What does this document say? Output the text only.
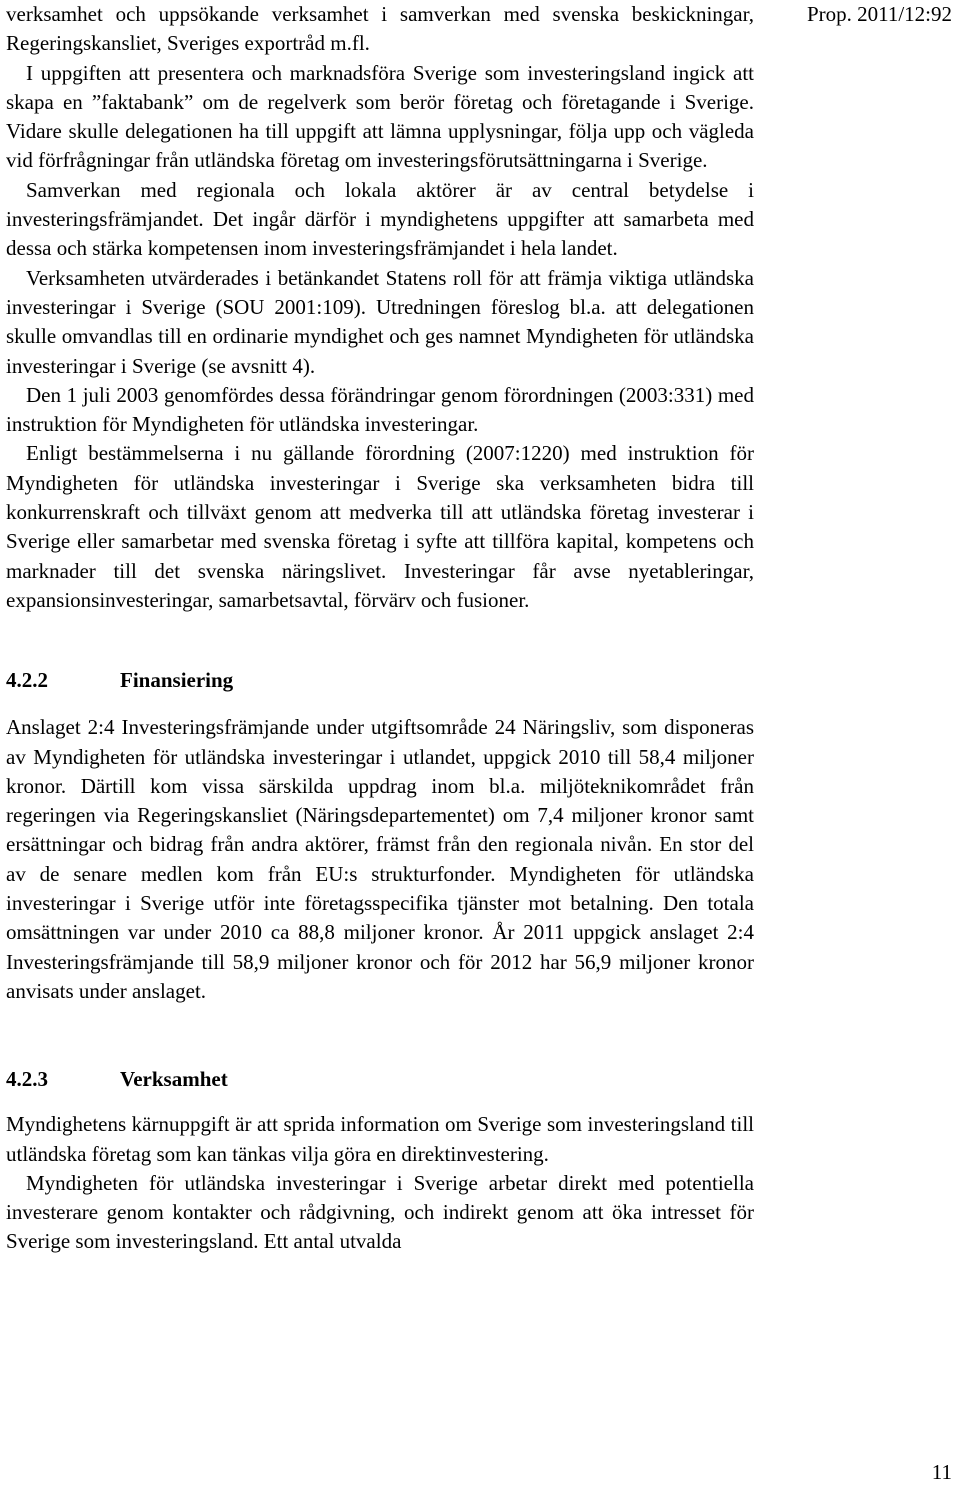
Prop. 2011/12:92

verksamhet och uppsökande verksamhet i samverkan med svenska beskickningar, Regeringskansliet, Sveriges exportråd m.fl.

I uppgiften att presentera och marknadsföra Sverige som investeringsland ingick att skapa en ”faktabank” om de regelverk som berör företag och företagande i Sverige. Vidare skulle delegationen ha till uppgift att lämna upplysningar, följa upp och vägleda vid förfrågningar från utländska företag om investeringsförutsättningarna i Sverige.

Samverkan med regionala och lokala aktörer är av central betydelse i investeringsfrämjandet. Det ingår därför i myndighetens uppgifter att samarbeta med dessa och stärka kompetensen inom investeringsfrämjandet i hela landet.

Verksamheten utvärderades i betänkandet Statens roll för att främja viktiga utländska investeringar i Sverige (SOU 2001:109). Utredningen föreslog bl.a. att delegationen skulle omvandlas till en ordinarie myndighet och ges namnet Myndigheten för utländska investeringar i Sverige (se avsnitt 4).

Den 1 juli 2003 genomfördes dessa förändringar genom förordningen (2003:331) med instruktion för Myndigheten för utländska investeringar.

Enligt bestämmelserna i nu gällande förordning (2007:1220) med instruktion för Myndigheten för utländska investeringar i Sverige ska verksamheten bidra till konkurrenskraft och tillväxt genom att medverka till att utländska företag investerar i Sverige eller samarbetar med svenska företag i syfte att tillföra kapital, kompetens och marknader till det svenska näringslivet. Investeringar får avse nyetableringar, expansionsinvesteringar, samarbetsavtal, förvärv och fusioner.

4.2.2	Finansiering

Anslaget 2:4 Investeringsfrämjande under utgiftsområde 24 Näringsliv, som disponeras av Myndigheten för utländska investeringar i utlandet, uppgick 2010 till 58,4 miljoner kronor. Därtill kom vissa särskilda uppdrag inom bl.a. miljöteknikområdet från regeringen via Regeringskansliet (Näringsdepartementet) om 7,4 miljoner kronor samt ersättningar och bidrag från andra aktörer, främst från den regionala nivån. En stor del av de senare medlen kom från EU:s strukturfonder. Myndigheten för utländska investeringar i Sverige utför inte företagsspecifika tjänster mot betalning. Den totala omsättningen var under 2010 ca 88,8 miljoner kronor. År 2011 uppgick anslaget 2:4 Investeringsfrämjande till 58,9 miljoner kronor och för 2012 har 56,9 miljoner kronor anvisats under anslaget.

4.2.3	Verksamhet

Myndighetens kärnuppgift är att sprida information om Sverige som investeringsland till utländska företag som kan tänkas vilja göra en direktinvestering.

Myndigheten för utländska investeringar i Sverige arbetar direkt med potentiella investerare genom kontakter och rådgivning, och indirekt genom att öka intresset för Sverige som investeringsland. Ett antal utvalda

11
